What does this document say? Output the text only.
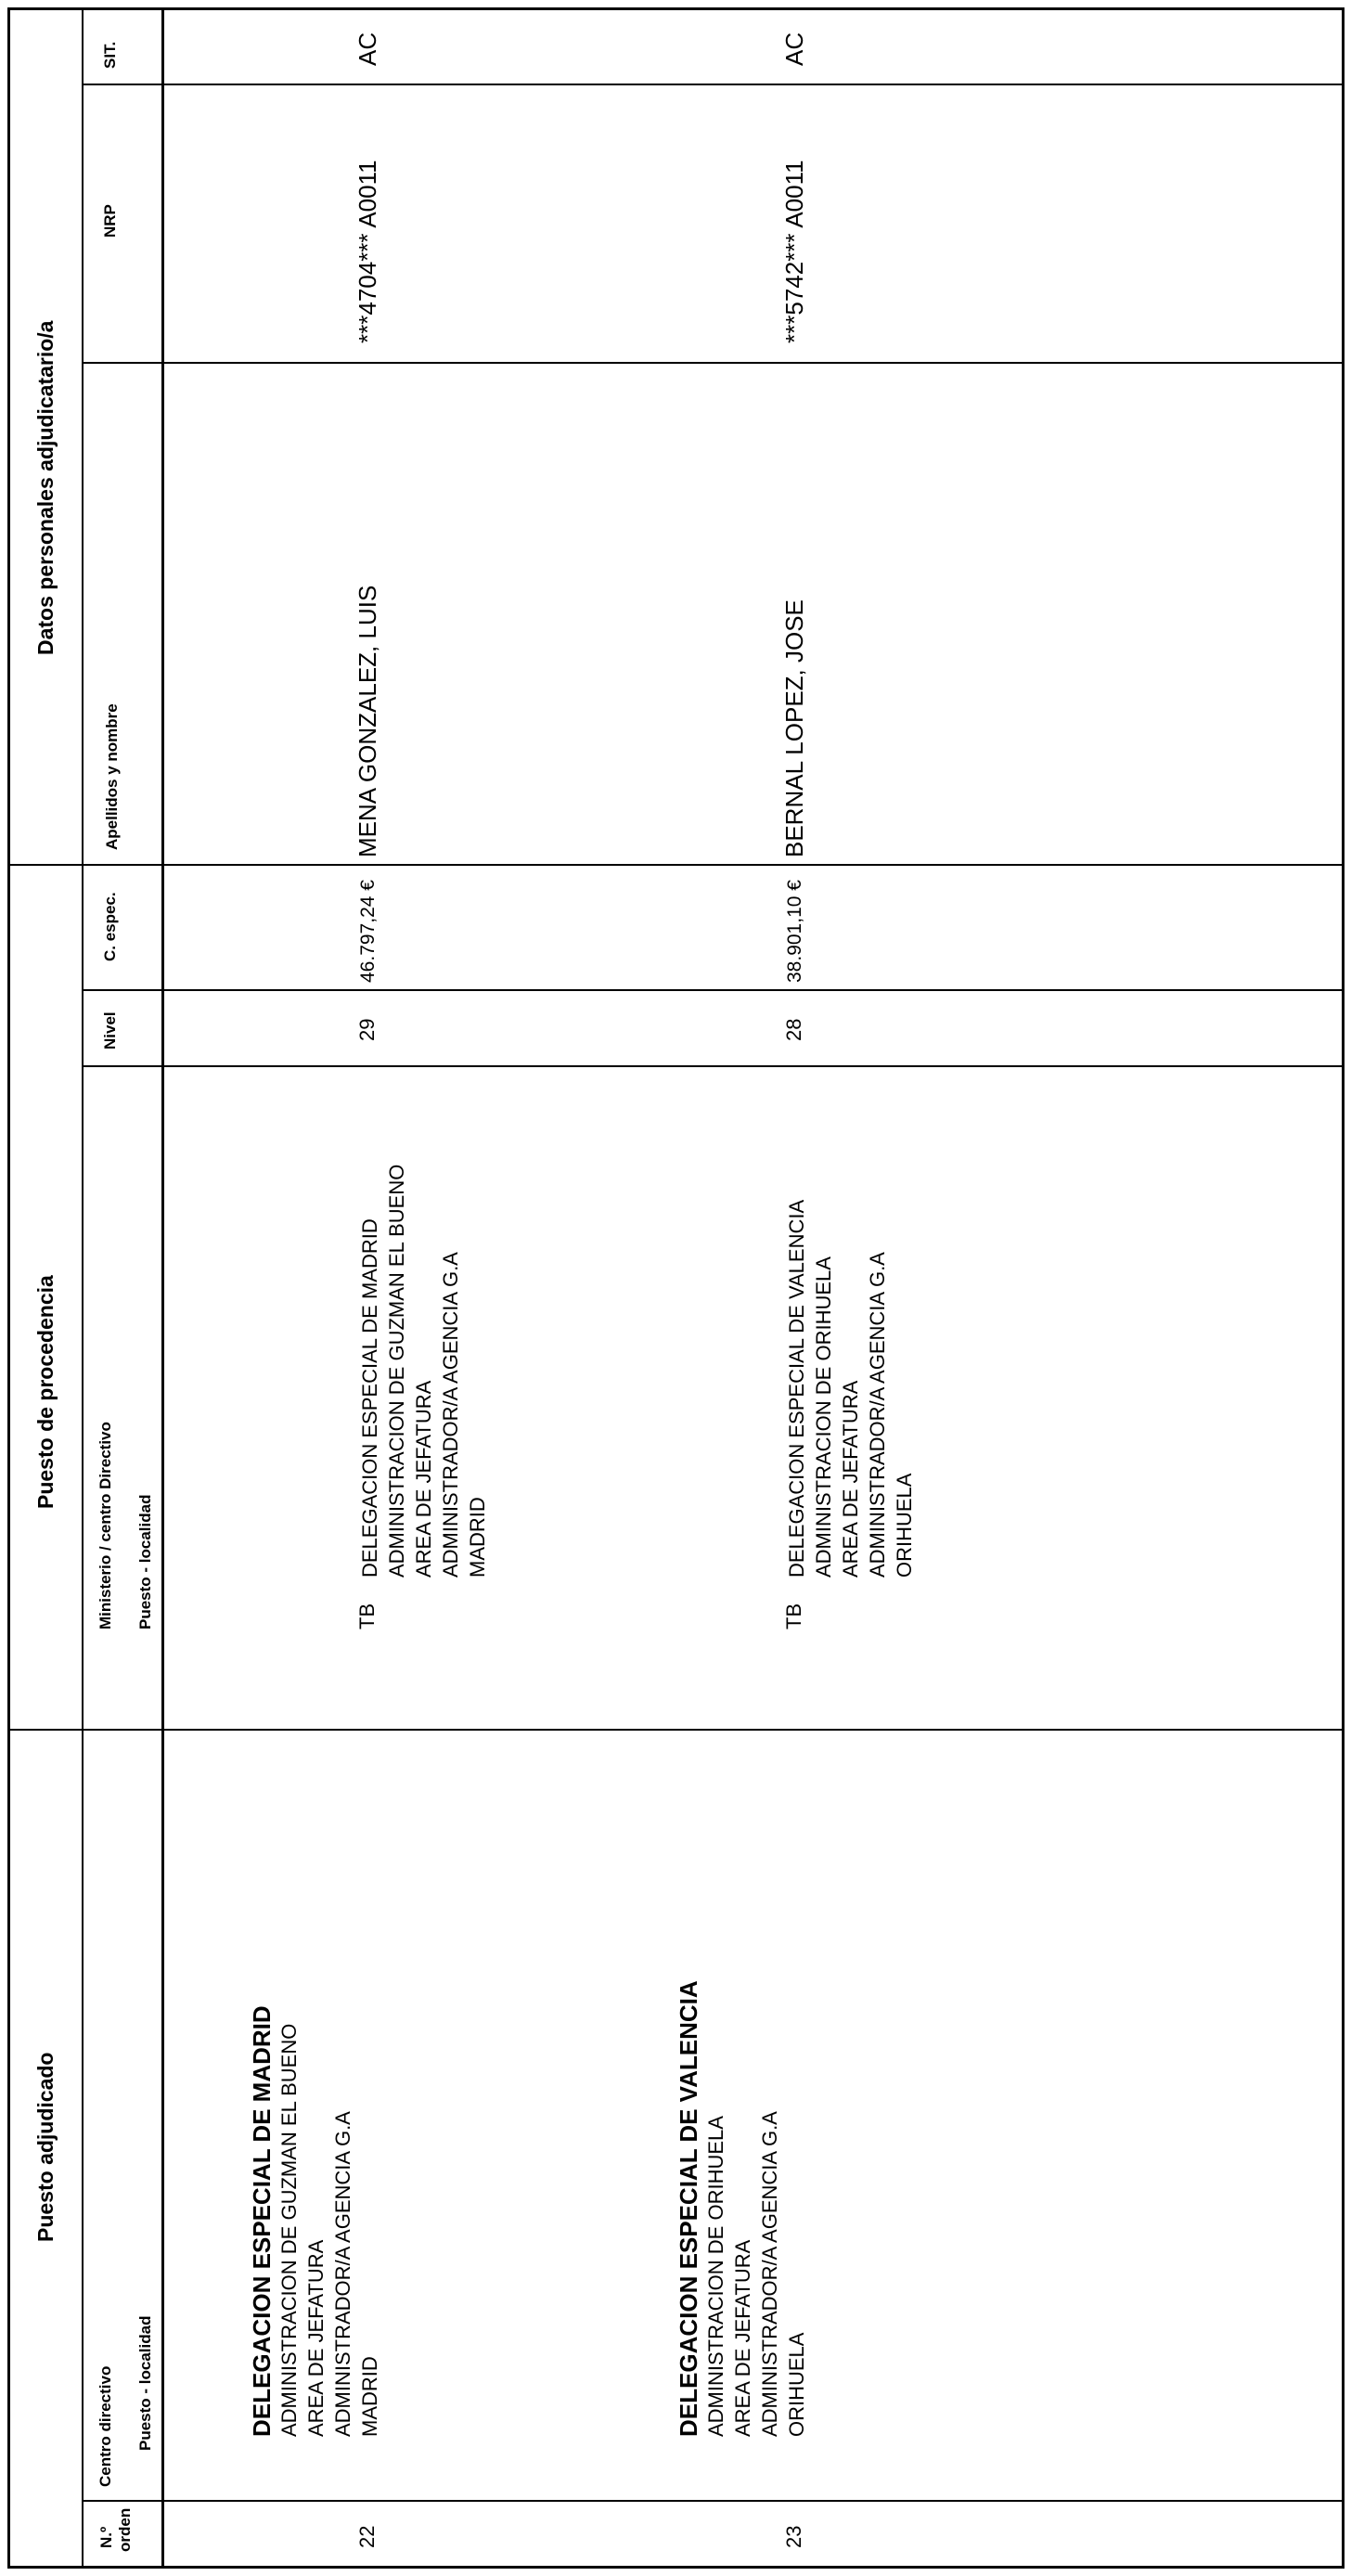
Puesto adjudicado
Puesto de procedencia
Datos personales adjudicatario/a
N.º orden
Centro directivo Puesto - localidad
Ministerio / centro Directivo Puesto - localidad
Nivel
C. espec.
Apellidos y nombre
NRP
SIT.
22
DELEGACION ESPECIAL DE MADRID ADMINISTRACION DE GUZMAN EL BUENO AREA DE JEFATURA ADMINISTRADOR/A AGENCIA G.A MADRID
TB
DELEGACION ESPECIAL DE MADRID ADMINISTRACION DE GUZMAN EL BUENO AREA DE JEFATURA ADMINISTRADOR/A AGENCIA G.A MADRID
29
46.797,24 €
MENA GONZALEZ, LUIS
***4704*** A0011
AC
23
DELEGACION ESPECIAL DE VALENCIA ADMINISTRACION DE ORIHUELA AREA DE JEFATURA ADMINISTRADOR/A AGENCIA G.A ORIHUELA
TB
DELEGACION ESPECIAL DE VALENCIA ADMINISTRACION DE ORIHUELA AREA DE JEFATURA ADMINISTRADOR/A AGENCIA G.A ORIHUELA
28
38.901,10 €
BERNAL LOPEZ, JOSE
***5742*** A0011
AC
